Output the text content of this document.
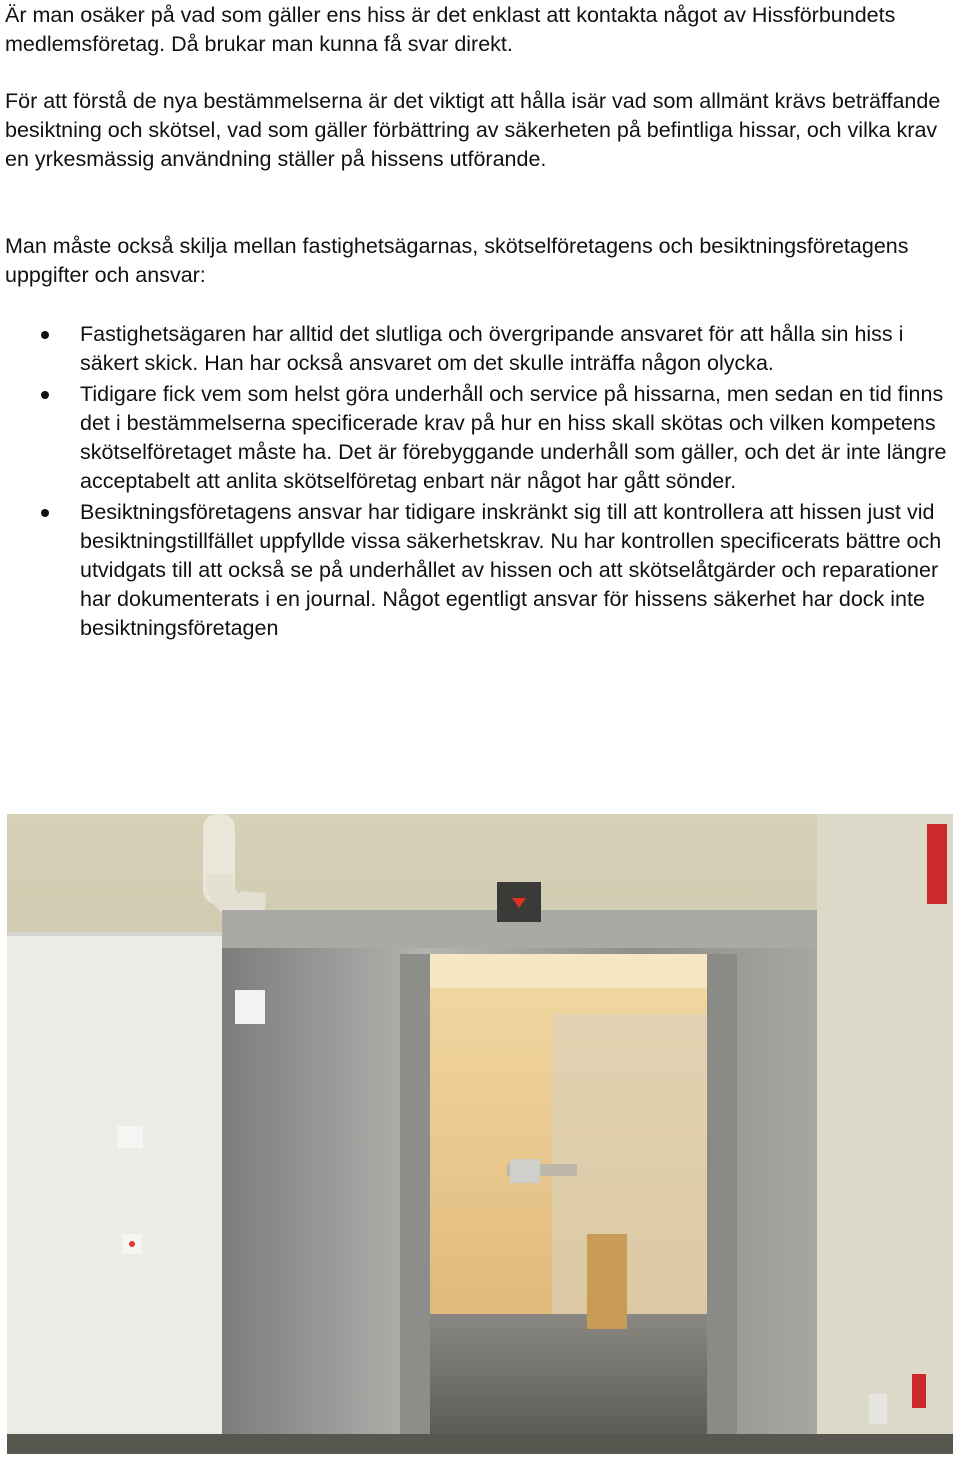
Är man osäker på vad som gäller ens hiss är det enklast att kontakta något av Hissförbundets medlemsföretag. Då brukar man kunna få svar direkt.

För att förstå de nya bestämmelserna är det viktigt att hålla isär vad som allmänt krävs beträffande besiktning och skötsel, vad som gäller förbättring av säkerheten på befintliga hissar, och vilka krav en yrkesmässig användning ställer på hissens utförande.

Man måste också skilja mellan fastighetsägarnas, skötselföretagens och besiktningsföretagens uppgifter och ansvar:

Fastighetsägaren har alltid det slutliga och övergripande ansvaret för att hålla sin hiss i säkert skick. Han har också ansvaret om det skulle inträffa någon olycka.
Tidigare fick vem som helst göra underhåll och service på hissarna, men sedan en tid finns det i bestämmelserna specificerade krav på hur en hiss skall skötas och vilken kompetens skötselföretaget måste ha. Det är förebyggande underhåll som gäller, och det är inte längre acceptabelt att anlita skötselföretag enbart när något har gått sönder.
Besiktningsföretagens ansvar har tidigare inskränkt sig till att kontrollera att hissen just vid besiktningstillfället uppfyllde vissa säkerhetskrav. Nu har kontrollen specificerats bättre och utvidgats till att också se på underhållet av hissen och att skötselåtgärder och reparationer har dokumenterats i en journal. Något egentligt ansvar för hissens säkerhet har dock inte besiktningsföretagen
